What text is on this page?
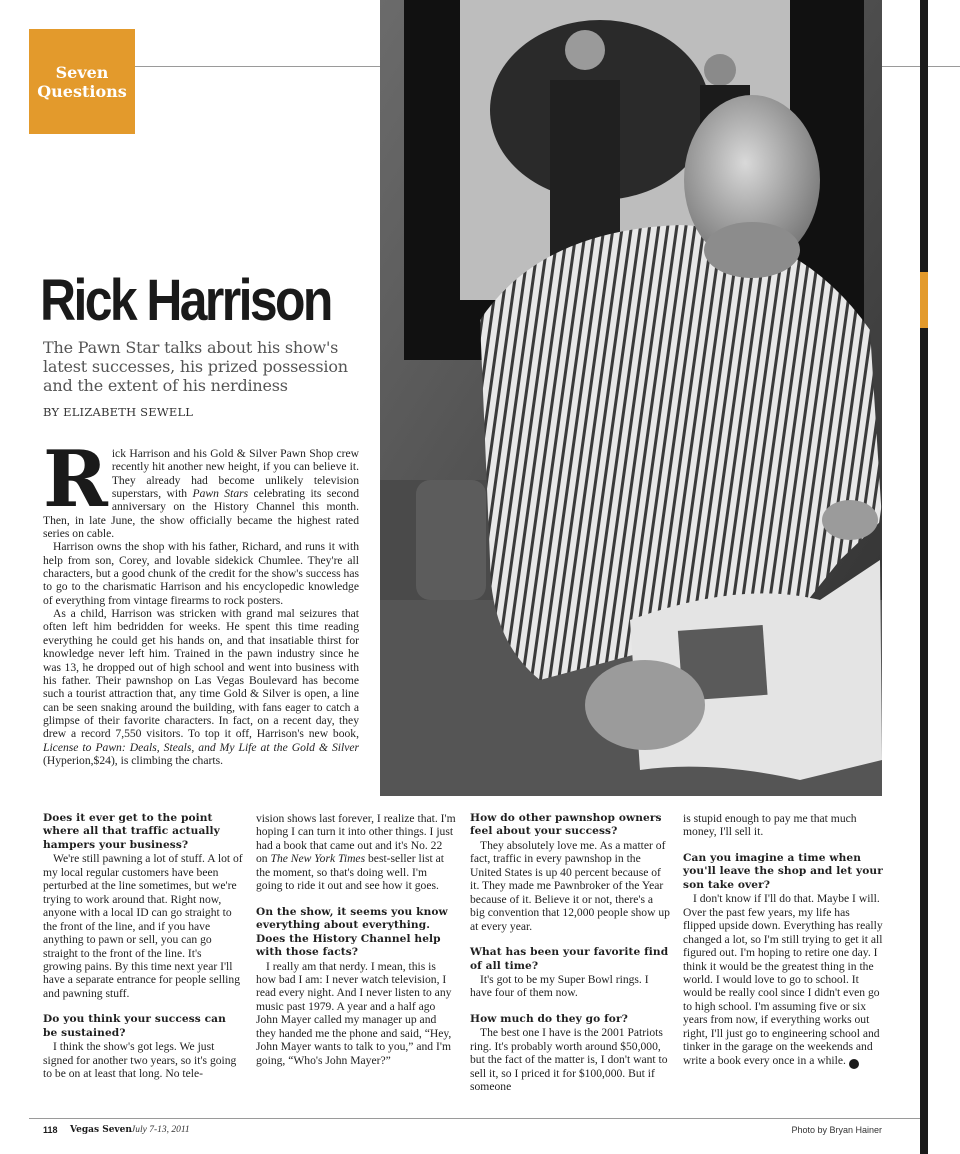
Seven
Questions
Rick Harrison
The Pawn Star talks about his show's latest successes, his prized possession and the extent of his nerdiness
BY ELIZABETH SEWELL

Rick Harrison and his Gold & Silver Pawn Shop crew recently hit another new height, if you can believe it. They already had become unlikely television superstars, with Pawn Stars celebrating its second anniversary on the History Channel this month. Then, in late June, the show officially became the highest rated series on cable.

Harrison owns the shop with his father, Richard, and runs it with help from son, Corey, and lovable sidekick Chumlee. They're all characters, but a good chunk of the credit for the show's success has to go to the charismatic Harrison and his encyclopedic knowledge of everything from vintage firearms to rock posters.

As a child, Harrison was stricken with grand mal seizures that often left him bedridden for weeks. He spent this time reading everything he could get his hands on, and that insatiable thirst for knowledge never left him. Trained in the pawn industry since he was 13, he dropped out of high school and went into business with his father. Their pawnshop on Las Vegas Boulevard has become such a tourist attraction that, any time Gold & Silver is open, a line can be seen snaking around the building, with fans eager to catch a glimpse of their favorite characters. In fact, on a recent day, they drew a record 7,550 visitors. To top it off, Harrison's new book, License to Pawn: Deals, Steals, and My Life at the Gold & Silver (Hyperion,$24), is climbing the charts.

Does it ever get to the point where all that traffic actually hampers your business?

We're still pawning a lot of stuff. A lot of my local regular customers have been perturbed at the line sometimes, but we're trying to work around that. Right now, anyone with a local ID can go straight to the front of the line, and if you have anything to pawn or sell, you can go straight to the front of the line. It's growing pains. By this time next year I'll have a separate entrance for people selling and pawning stuff.

Do you think your success can be sustained?

I think the show's got legs. We just signed for another two years, so it's going to be on at least that long. No tele-

vision shows last forever, I realize that. I'm hoping I can turn it into other things. I just had a book that came out and it's No. 22 on The New York Times best-seller list at the moment, so that's doing well. I'm going to ride it out and see how it goes.

On the show, it seems you know everything about everything. Does the History Channel help with those facts?

I really am that nerdy. I mean, this is how bad I am: I never watch television, I read every night. And I never listen to any music past 1979. A year and a half ago John Mayer called my manager up and they handed me the phone and said, “Hey, John Mayer wants to talk to you,” and I'm going, “Who's John Mayer?”

How do other pawnshop owners feel about your success?

They absolutely love me. As a matter of fact, traffic in every pawnshop in the United States is up 40 percent because of it. They made me Pawnbroker of the Year because of it. Believe it or not, there's a big convention that 12,000 people show up at every year.

What has been your favorite find of all time?

It's got to be my Super Bowl rings. I have four of them now.

How much do they go for?

The best one I have is the 2001 Patriots ring. It's probably worth around $50,000, but the fact of the matter is, I don't want to sell it, so I priced it for $100,000. But if someone

is stupid enough to pay me that much money, I'll sell it.

Can you imagine a time when you'll leave the shop and let your son take over?

I don't know if I'll do that. Maybe I will. Over the past few years, my life has flipped upside down. Everything has really changed a lot, so I'm still trying to get it all figured out. I'm hoping to retire one day. I think it would be the greatest thing in the world. I would love to go to school. It would be really cool since I didn't even go to high school. I'm assuming five or six years from now, if everything works out right, I'll just go to engineering school and tinker in the garage on the weekends and write a book every once in a while. 7

118 Vegas Seven July 7-13, 2011	Photo by Bryan Hainer
